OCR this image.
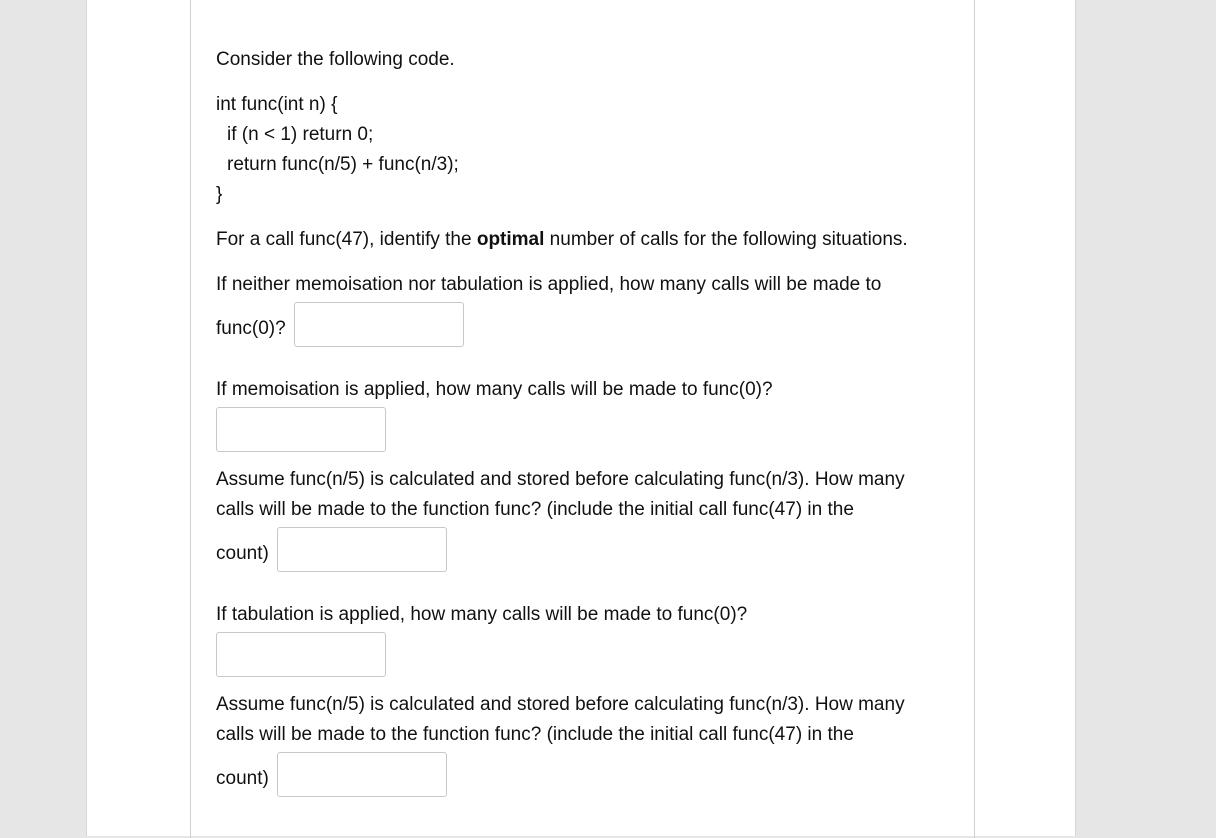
Consider the following code.
int func(int n) {
if (n < 1) return 0;
return func(n/5) + func(n/3);
}
For a call func(47), identify the optimal number of calls for the following situations.
If neither memoisation nor tabulation is applied, how many calls will be made to
func(0)?
If memoisation is applied, how many calls will be made to func(0)?
Assume func(n/5) is calculated and stored before calculating func(n/3). How many
calls will be made to the function func? (include the initial call func(47) in the
count)
If tabulation is applied, how many calls will be made to func(0)?
Assume func(n/5) is calculated and stored before calculating func(n/3). How many
calls will be made to the function func? (include the initial call func(47) in the
count)
